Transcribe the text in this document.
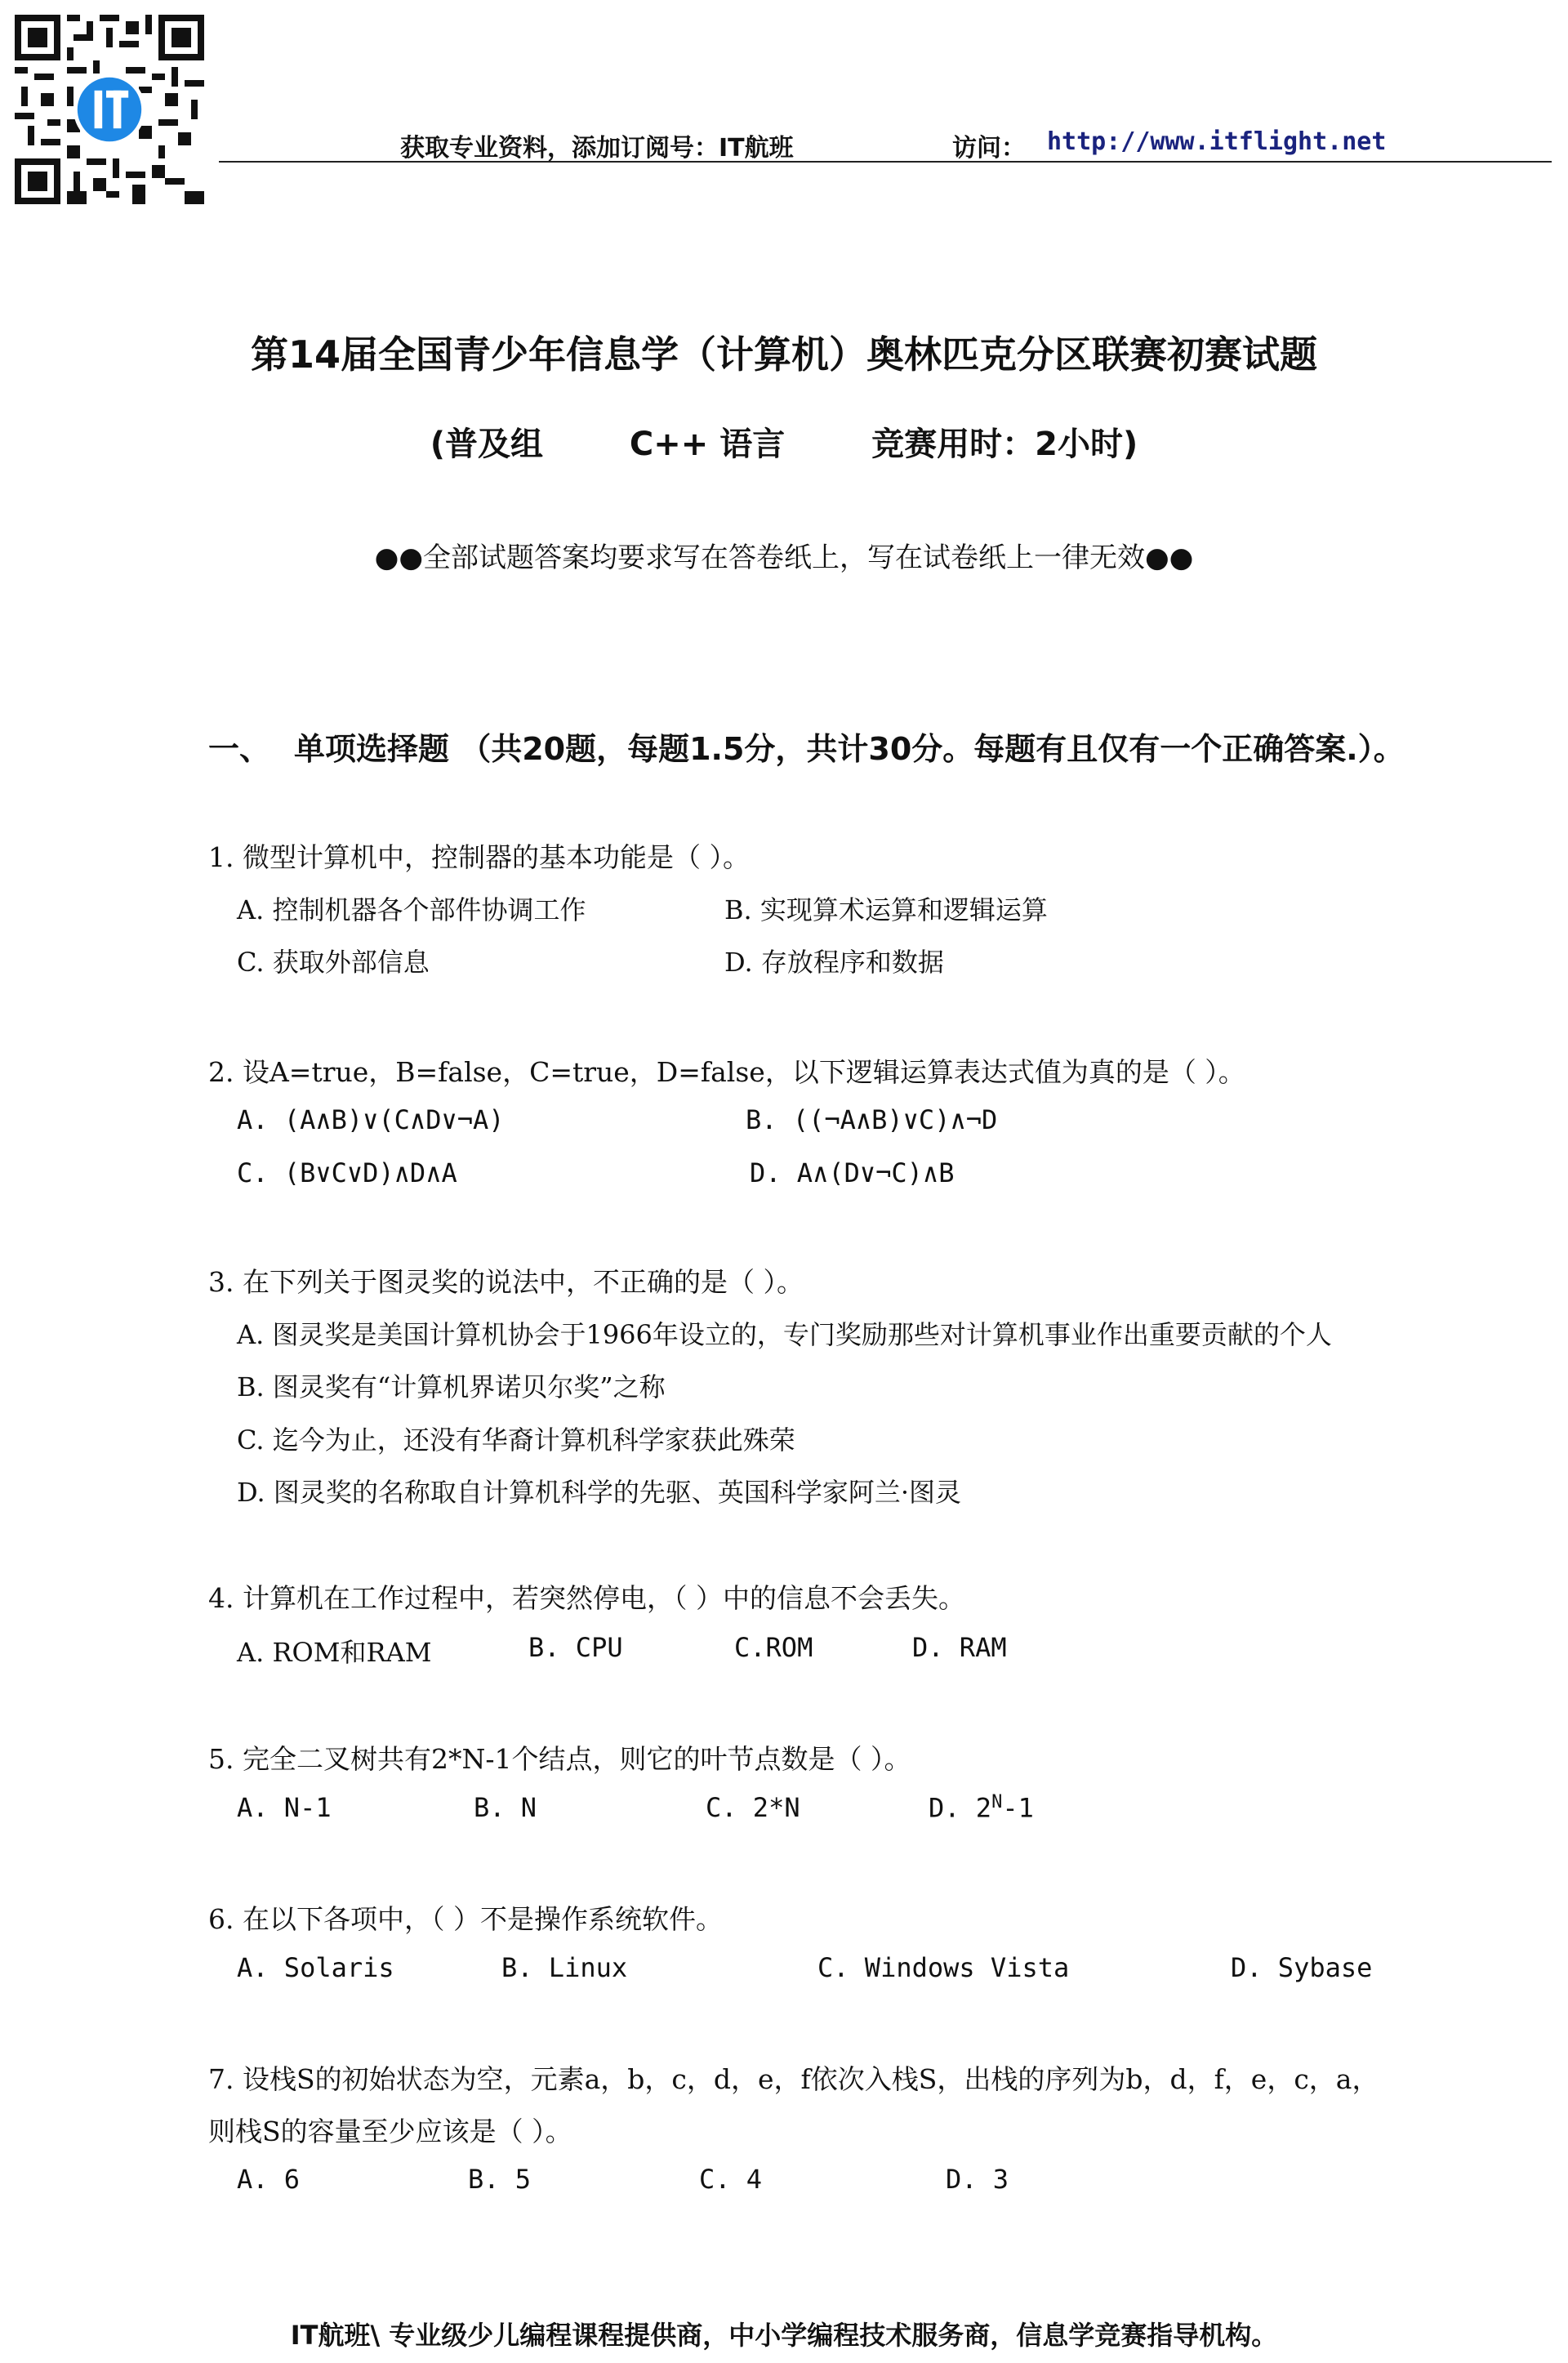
获取专业资料，添加订阅号：IT航班	访问： http://www.itflight.net
第14届全国青少年信息学（计算机）奥林匹克分区联赛初赛试题
(普及组	C++ 语言	竞赛用时：2小时)
●●全部试题答案均要求写在答卷纸上，写在试卷纸上一律无效●●
一、 单项选择题 （共20题，每题1.5分，共计30分。每题有且仅有一个正确答案.）。
1. 微型计算机中，控制器的基本功能是（ ）。
A. 控制机器各个部件协调工作	B. 实现算术运算和逻辑运算
C. 获取外部信息	D. 存放程序和数据
2. 设A=true，B=false，C=true，D=false，以下逻辑运算表达式值为真的是（ ）。
A. (A∧B)∨(C∧D∨¬A)	B. ((¬A∧B)∨C)∧¬D
C. (B∨C∨D)∧D∧A	D. A∧(D∨¬C)∧B
3. 在下列关于图灵奖的说法中，不正确的是（ ）。
A. 图灵奖是美国计算机协会于1966年设立的，专门奖励那些对计算机事业作出重要贡献的个人
B. 图灵奖有“计算机界诺贝尔奖”之称
C. 迄今为止，还没有华裔计算机科学家获此殊荣
D. 图灵奖的名称取自计算机科学的先驱、英国科学家阿兰·图灵
4. 计算机在工作过程中，若突然停电，（ ）中的信息不会丢失。
A. ROM和RAM	B. CPU	C.ROM	D. RAM
5. 完全二叉树共有2*N-1个结点，则它的叶节点数是（ ）。
A. N-1	B. N	C. 2*N	D. $2^N-1$
6. 在以下各项中，（ ）不是操作系统软件。
A. Solaris	B. Linux	C. Windows Vista	D. Sybase
7. 设栈S的初始状态为空，元素a，b，c，d，e，f依次入栈S，出栈的序列为b，d，f，e，c，a，
则栈S的容量至少应该是（ ）。
A. 6	B. 5	C. 4	D. 3
IT航班\ 专业级少儿编程课程提供商，中小学编程技术服务商，信息学竞赛指导机构。
